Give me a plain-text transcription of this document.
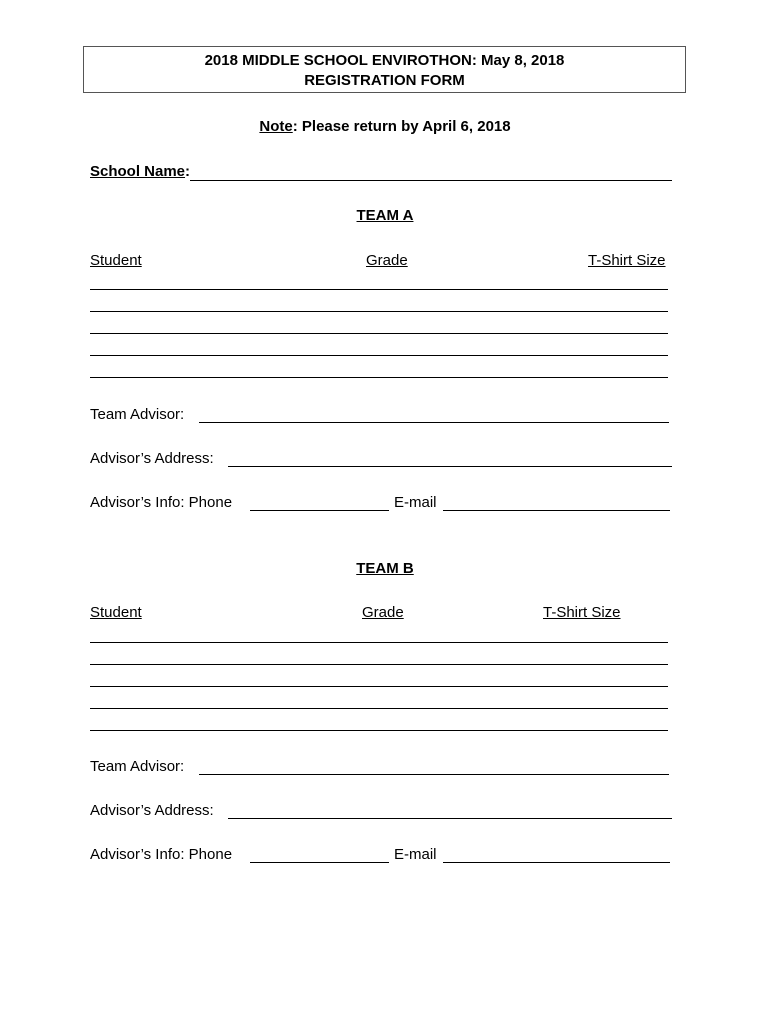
2018 MIDDLE SCHOOL ENVIROTHON: May 8, 2018
REGISTRATION FORM
Note: Please return by April 6, 2018
School Name:
TEAM A
Student	Grade	T-Shirt Size
Team Advisor:
Advisor’s Address:
Advisor’s Info: Phone	E-mail
TEAM B
Student	Grade	T-Shirt Size
Team Advisor:
Advisor’s Address:
Advisor’s Info: Phone	E-mail
